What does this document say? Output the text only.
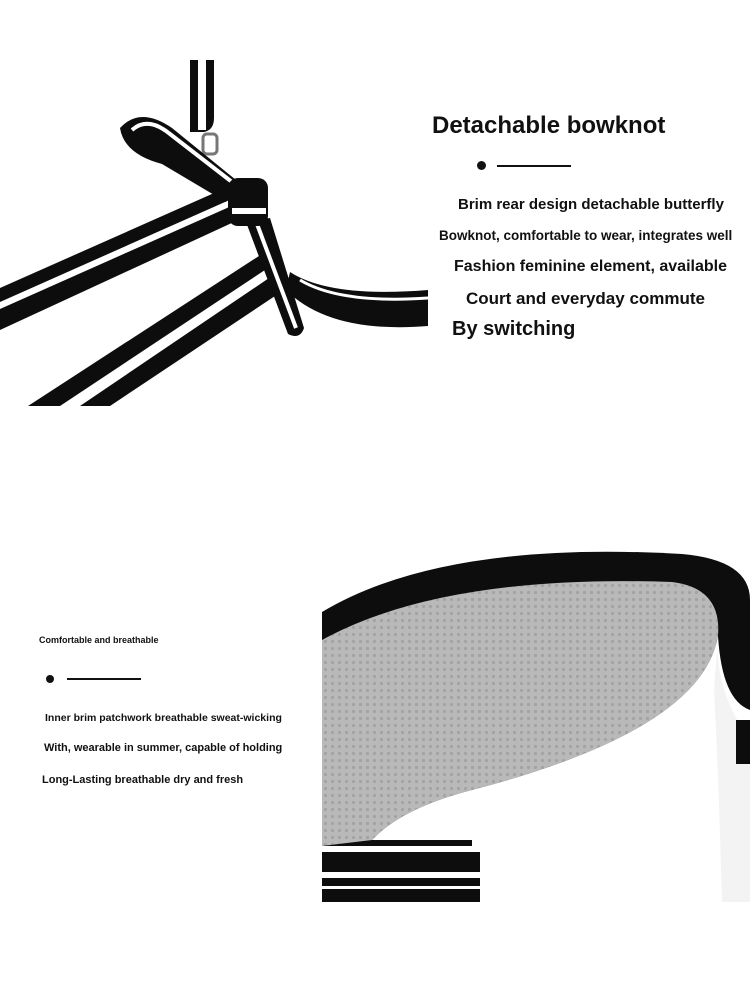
Detachable bowknot
Brim rear design detachable butterfly
Bowknot, comfortable to wear, integrates well
Fashion feminine element, available
Court and everyday commute
By switching
Comfortable and breathable
Inner brim patchwork breathable sweat-wicking
With, wearable in summer, capable of holding
Long-Lasting breathable dry and fresh
